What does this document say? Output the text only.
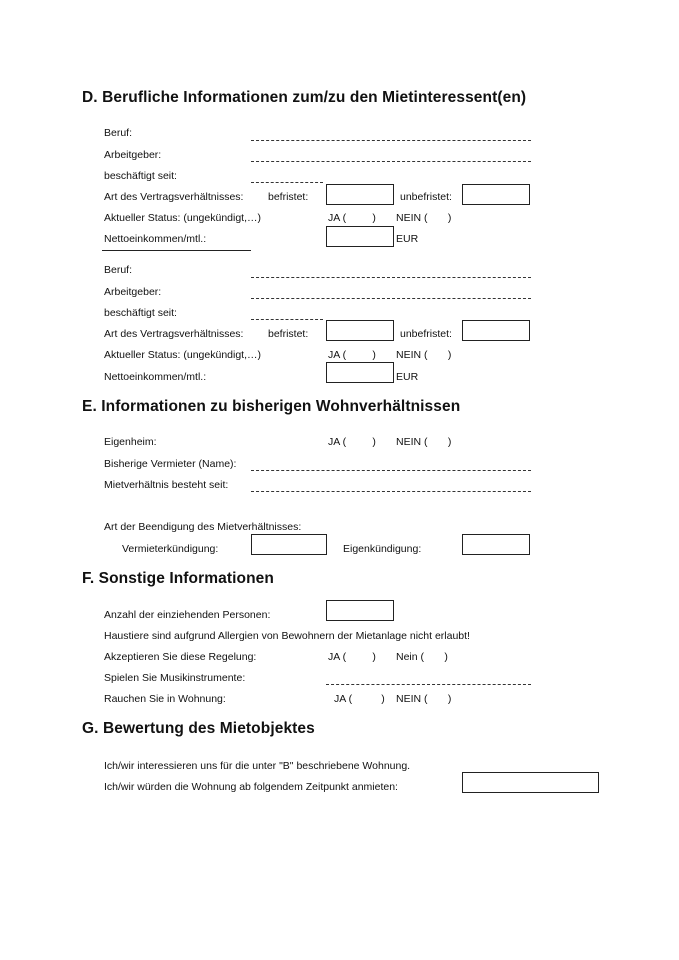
D. Berufliche Informationen zum/zu den Mietinteressent(en)
Beruf:
Arbeitgeber:
beschäftigt seit:
Art des Vertragsverhältnisses: befristet:	unbefristet:
Aktueller Status: (ungekündigt,…)	JA (         ) NEIN (       )
Nettoeinkommen/mtl.:	EUR
Beruf:
Arbeitgeber:
beschäftigt seit:
Art des Vertragsverhältnisses: befristet:	unbefristet:
Aktueller Status: (ungekündigt,…)	JA (         ) NEIN (       )
Nettoeinkommen/mtl.:	EUR
E. Informationen zu bisherigen Wohnverhältnissen
Eigenheim:	JA (         ) NEIN (       )
Bisherige Vermieter (Name):
Mietverhältnis besteht seit:
Art der Beendigung des Mietverhältnisses:
Vermieterkündigung:	Eigenkündigung:
F. Sonstige Informationen
Anzahl der einziehenden Personen:
Haustiere sind aufgrund Allergien von Bewohnern der Mietanlage nicht erlaubt!
Akzeptieren Sie diese Regelung:	JA (         ) Nein (       )
Spielen Sie Musikinstrumente:
Rauchen Sie in Wohnung:	JA (          ) NEIN (       )
G. Bewertung des Mietobjektes
Ich/wir interessieren uns für die unter "B" beschriebene Wohnung.
Ich/wir würden die Wohnung ab folgendem Zeitpunkt anmieten:
